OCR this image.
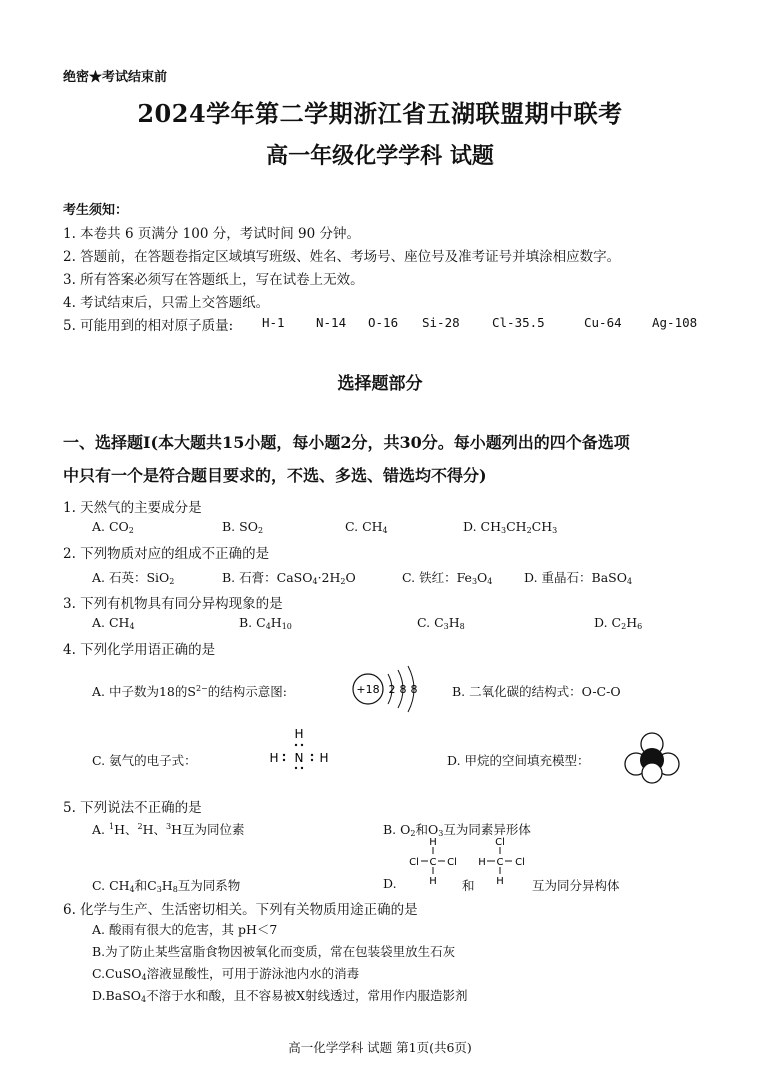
绝密★考试结束前
2024学年第二学期浙江省五湖联盟期中联考
高一年级化学学科 试题
考生须知：
1. 本卷共 6 页满分 100 分，考试时间 90 分钟。
2. 答题前，在答题卷指定区域填写班级、姓名、考场号、座位号及准考证号并填涂相应数字。
3. 所有答案必须写在答题纸上，写在试卷上无效。
4. 考试结束后，只需上交答题纸。
5. 可能用到的相对原子质量: H-1	N-14 O-16 Si-28	Cl-35.5	Cu-64 Ag-108
选择题部分
一、选择题Ⅰ(本大题共15小题，每小题2分，共30分。每小题列出的四个备选项
中只有一个是符合题目要求的，不选、多选、错选均不得分)
1. 天然气的主要成分是
A. $CO_2$	B. $SO_2$	C. $CH_4$	D. $CH_3CH_2CH_3$
2. 下列物质对应的组成不正确的是
A. 石英：SiO$_2$	B. 石膏：$CaSO_4\cdot 2H_2O$	C. 铁红：$Fe_3O_4$	D. 重晶石：BaSO$_4$
3. 下列有机物具有同分异构现象的是
A. $CH_4$	B. $C_4H_{10}$	C. $C_3H_8$	D. $C_2H_6$
4. 下列化学用语正确的是
A. 中子数为18的$S^{2-}$的结构示意图:	+18 2 8 8	B. 二氧化碳的结构式：O-C-O
C. 氨气的电子式：
H
H N H	D. 甲烷的空间填充模型：
5. 下列说法不正确的是
A. $^1$H、$^2$H、$^3$H互为同位素	B. $O_2$和$O_3$互为同素异形体
C. $CH_4$和$C_3H_8$互为同系物	D.
H
Cl C Cl
H
Cl
H C Cl
H
和	互为同分异构体
6. 化学与生产、生活密切相关。下列有关物质用途正确的是
A. 酸雨有很大的危害，其 pH＜7
B.为了防止某些富脂食物因被氧化而变质，常在包装袋里放生石灰
C.CuSO$_4$溶液显酸性，可用于游泳池内水的消毒
D.BaSO$_4$不溶于水和酸，且不容易被X射线透过，常用作内服造影剂
高一化学学科 试题 第1页(共6页)
